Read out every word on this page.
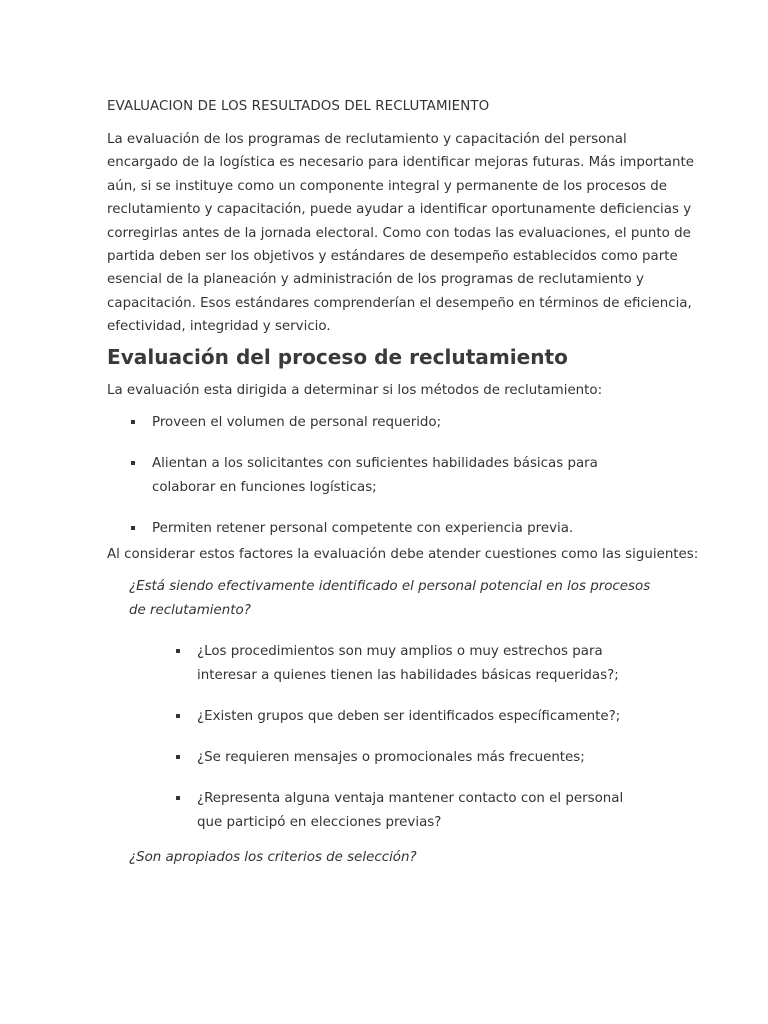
EVALUACION DE LOS RESULTADOS DEL RECLUTAMIENTO

La evaluación de los programas de reclutamiento y capacitación del personal
encargado de la logística es necesario para identificar mejoras futuras. Más importante
aún, si se instituye como un componente integral y permanente de los procesos de
reclutamiento y capacitación, puede ayudar a identificar oportunamente deficiencias y
corregirlas antes de la jornada electoral. Como con todas las evaluaciones, el punto de
partida deben ser los objetivos y estándares de desempeño establecidos como parte
esencial de la planeación y administración de los programas de reclutamiento y
capacitación. Esos estándares comprenderían el desempeño en términos de eficiencia,
efectividad, integridad y servicio.

Evaluación del proceso de reclutamiento

La evaluación esta dirigida a determinar si los métodos de reclutamiento:

Proveen el volumen de personal requerido;
Alientan a los solicitantes con suficientes habilidades básicas para
colaborar en funciones logísticas;
Permiten retener personal competente con experiencia previa.

Al considerar estos factores la evaluación debe atender cuestiones como las siguientes:

¿Está siendo efectivamente identificado el personal potencial en los procesos
de reclutamiento?

¿Los procedimientos son muy amplios o muy estrechos para
interesar a quienes tienen las habilidades básicas requeridas?;
¿Existen grupos que deben ser identificados específicamente?;
¿Se requieren mensajes o promocionales más frecuentes;
¿Representa alguna ventaja mantener contacto con el personal
que participó en elecciones previas?

¿Son apropiados los criterios de selección?
